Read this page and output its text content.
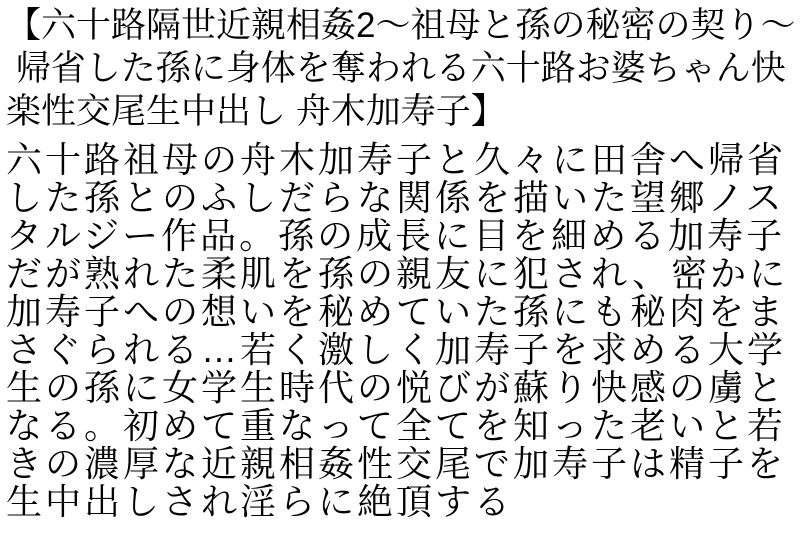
【六十路隔世近親相姦2～祖母と孫の秘密の契り～
帰省した孫に身体を奪われる六十路お婆ちゃん快
楽性交尾生中出し 舟木加寿子】
六十路祖母の舟木加寿子と久々に田舎へ帰省
した孫とのふしだらな関係を描いた望郷ノス
タルジー作品。孫の成長に目を細める加寿子
だが熟れた柔肌を孫の親友に犯され、密かに
加寿子への想いを秘めていた孫にも秘肉をま
さぐられる…若く激しく加寿子を求める大学
生の孫に女学生時代の悦びが蘇り快感の虜と
なる。初めて重なって全てを知った老いと若
きの濃厚な近親相姦性交尾で加寿子は精子を
生中出しされ淫らに絶頂する
